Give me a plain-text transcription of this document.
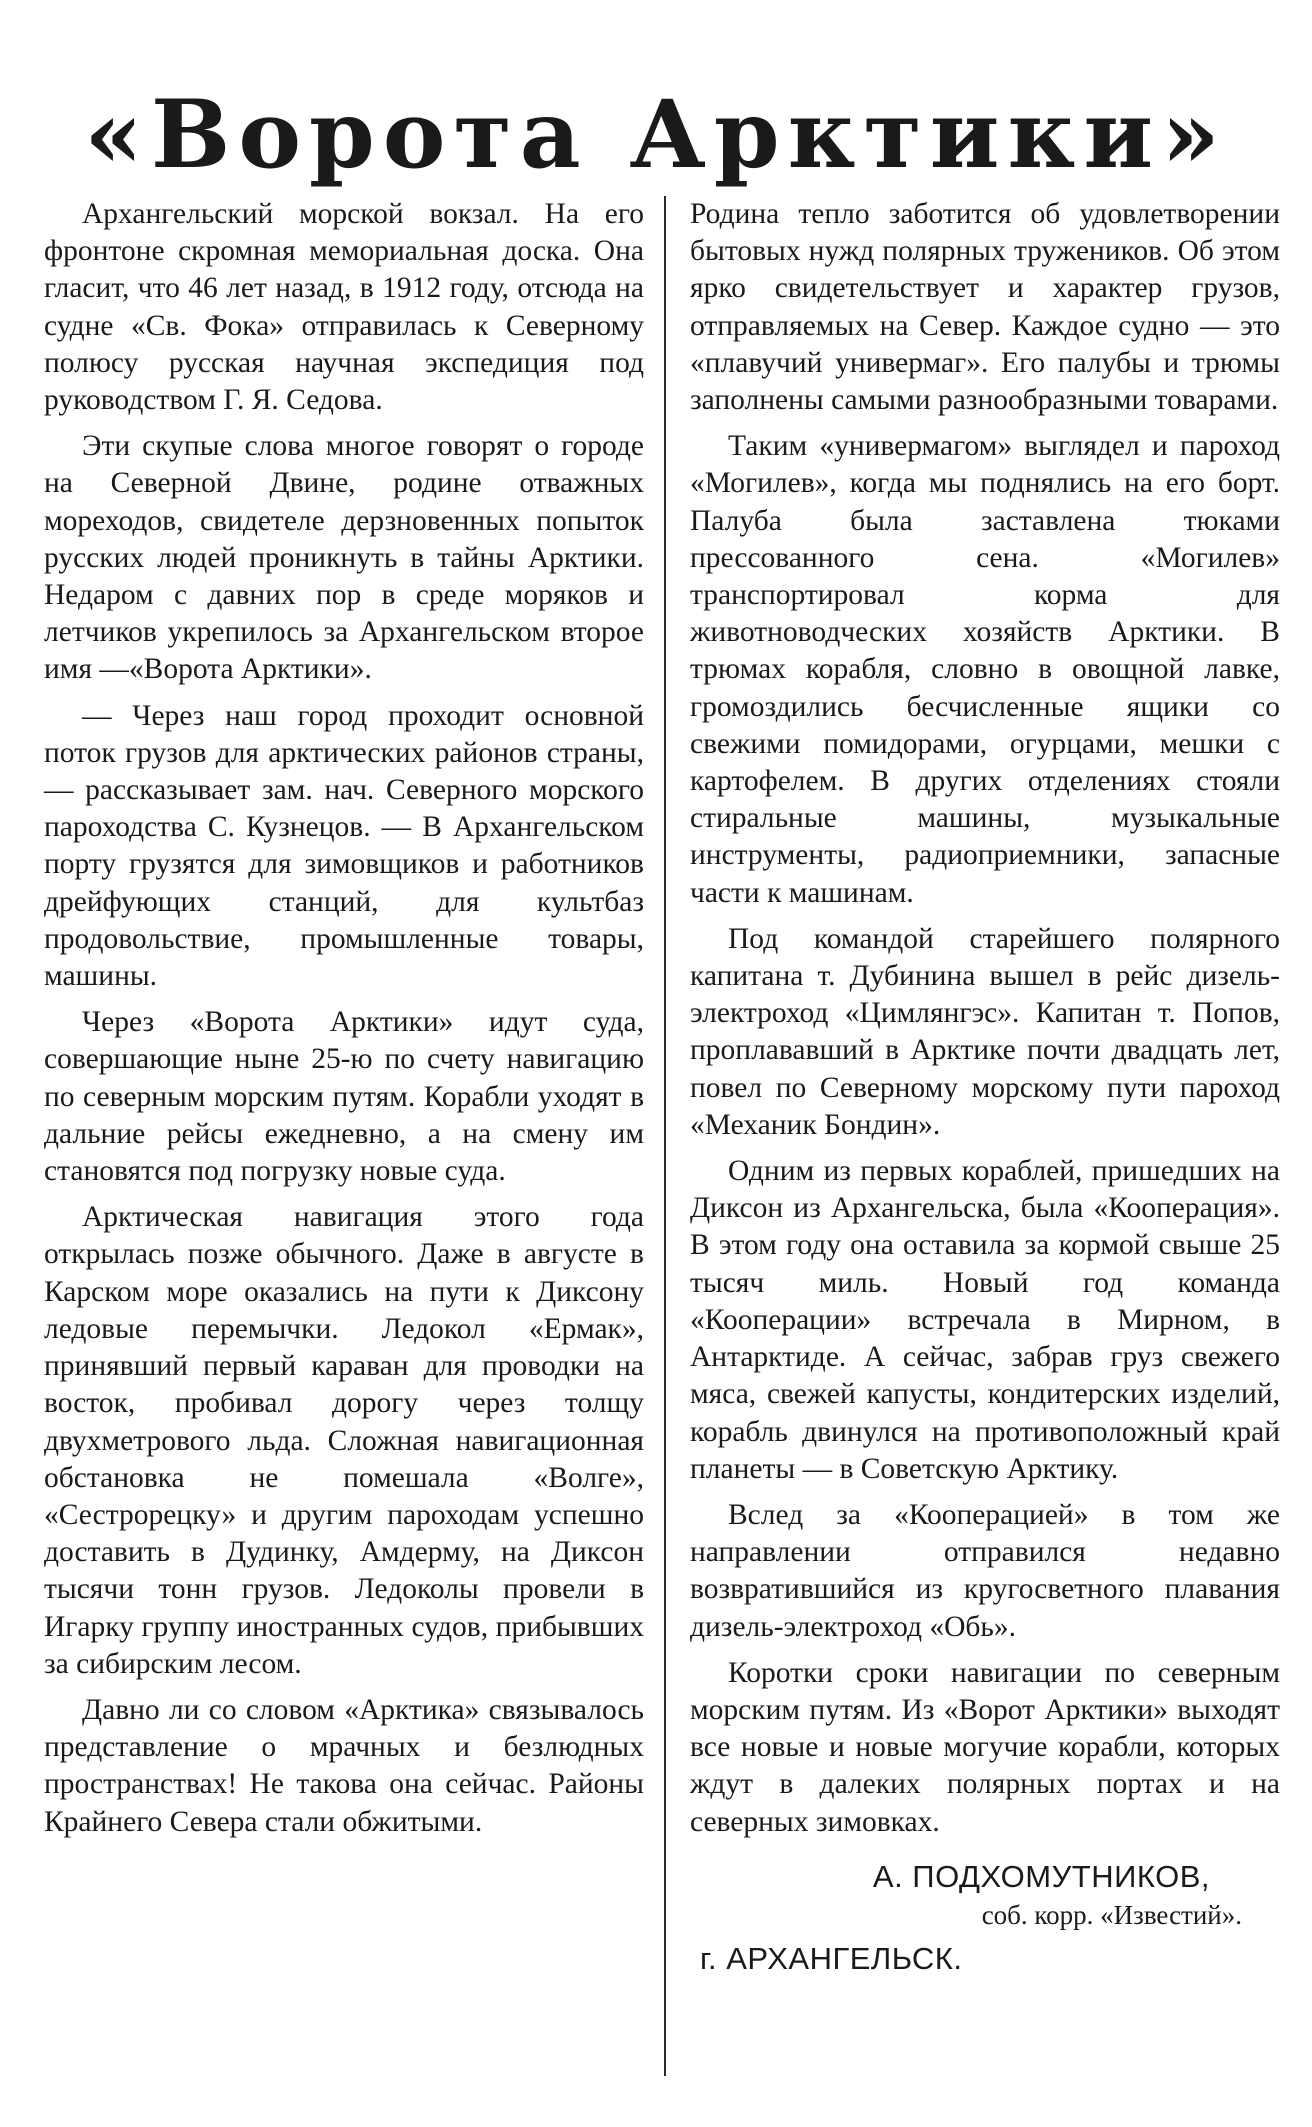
«Ворота Арктики»

Архангельский морской вокзал. На его фронтоне скромная мемориальная доска. Она гласит, что 46 лет назад, в 1912 году, отсюда на судне «Св. Фока» отправилась к Северному полюсу русская научная экспедиция под руководством Г. Я. Седова.

Эти скупые слова многое говорят о городе на Северной Двине, родине отважных мореходов, свидетеле дерзновенных попыток русских людей проникнуть в тайны Арктики. Недаром с давних пор в среде моряков и летчиков укрепилось за Архангельском второе имя —«Ворота Арктики».

— Через наш город проходит основной поток грузов для арктических районов страны, — рассказывает зам. нач. Северного морского пароходства С. Кузнецов. — В Архангельском порту грузятся для зимовщиков и работников дрейфующих станций, для культбаз продовольствие, промышленные товары, машины.

Через «Ворота Арктики» идут суда, совершающие ныне 25-ю по счету навигацию по северным морским путям. Корабли уходят в дальние рейсы ежедневно, а на смену им становятся под погрузку новые суда.

Арктическая навигация этого года открылась позже обычного. Даже в августе в Карском море оказались на пути к Диксону ледовые перемычки. Ледокол «Ермак», принявший первый караван для проводки на восток, пробивал дорогу через толщу двухметрового льда. Сложная навигационная обстановка не помешала «Волге», «Сестрорецку» и другим пароходам успешно доставить в Дудинку, Амдерму, на Диксон тысячи тонн грузов. Ледоколы провели в Игарку группу иностранных судов, прибывших за сибирским лесом.

Давно ли со словом «Арктика» связывалось представление о мрачных и безлюдных пространствах! Не такова она сейчас. Районы Крайнего Севера стали обжитыми.

Родина тепло заботится об удовлетворении бытовых нужд полярных тружеников. Об этом ярко свидетельствует и характер грузов, отправляемых на Север. Каждое судно — это «плавучий универмаг». Его палубы и трюмы заполнены самыми разнообразными товарами.

Таким «универмагом» выглядел и пароход «Могилев», когда мы поднялись на его борт. Палуба была заставлена тюками прессованного сена. «Могилев» транспортировал корма для животноводческих хозяйств Арктики. В трюмах корабля, словно в овощной лавке, громоздились бесчисленные ящики со свежими помидорами, огурцами, мешки с картофелем. В других отделениях стояли стиральные машины, музыкальные инструменты, радиоприемники, запасные части к машинам.

Под командой старейшего полярного капитана т. Дубинина вышел в рейс дизель-электроход «Цимлянгэс». Капитан т. Попов, проплававший в Арктике почти двадцать лет, повел по Северному морскому пути пароход «Механик Бондин».

Одним из первых кораблей, пришедших на Диксон из Архангельска, была «Кооперация». В этом году она оставила за кормой свыше 25 тысяч миль. Новый год команда «Кооперации» встречала в Мирном, в Антарктиде. А сейчас, забрав груз свежего мяса, свежей капусты, кондитерских изделий, корабль двинулся на противоположный край планеты — в Советскую Арктику.

Вслед за «Кооперацией» в том же направлении отправился недавно возвратившийся из кругосветного плавания дизель-электроход «Обь».

Коротки сроки навигации по северным морским путям. Из «Ворот Арктики» выходят все новые и новые могучие корабли, которых ждут в далеких полярных портах и на северных зимовках.

А. ПОДХОМУТНИКОВ,

соб. корр. «Известий».

г. АРХАНГЕЛЬСК.
